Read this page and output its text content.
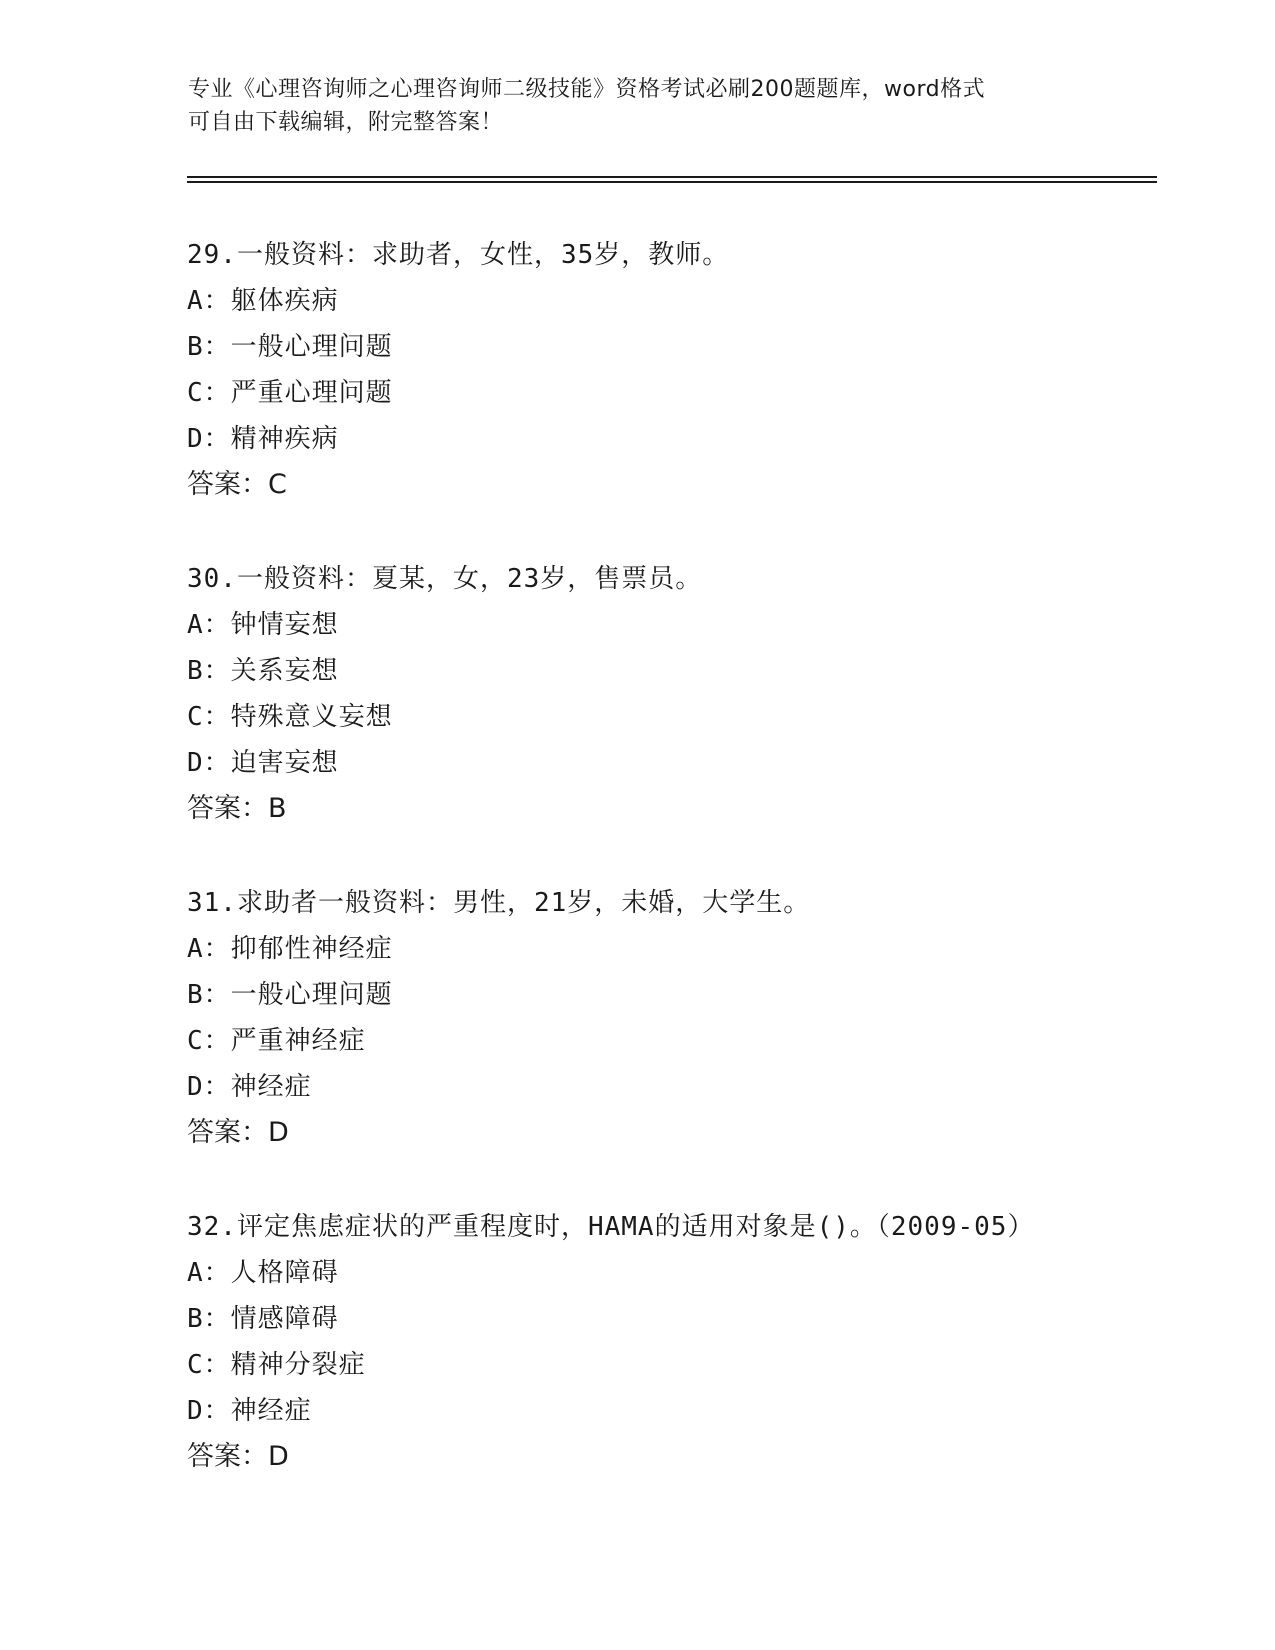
专业《心理咨询师之心理咨询师二级技能》资格考试必刷200题题库，word格式
可自由下载编辑，附完整答案！
29.一般资料：求助者，女性，35岁，教师。
A：躯体疾病
B：一般心理问题
C：严重心理问题
D：精神疾病
答案：C
30.一般资料：夏某，女，23岁，售票员。
A：钟情妄想
B：关系妄想
C：特殊意义妄想
D：迫害妄想
答案：B
31.求助者一般资料：男性，21岁，未婚，大学生。
A：抑郁性神经症
B：一般心理问题
C：严重神经症
D：神经症
答案：D
32.评定焦虑症状的严重程度时，HAMA的适用对象是()。（2009-05）
A：人格障碍
B：情感障碍
C：精神分裂症
D：神经症
答案：D
